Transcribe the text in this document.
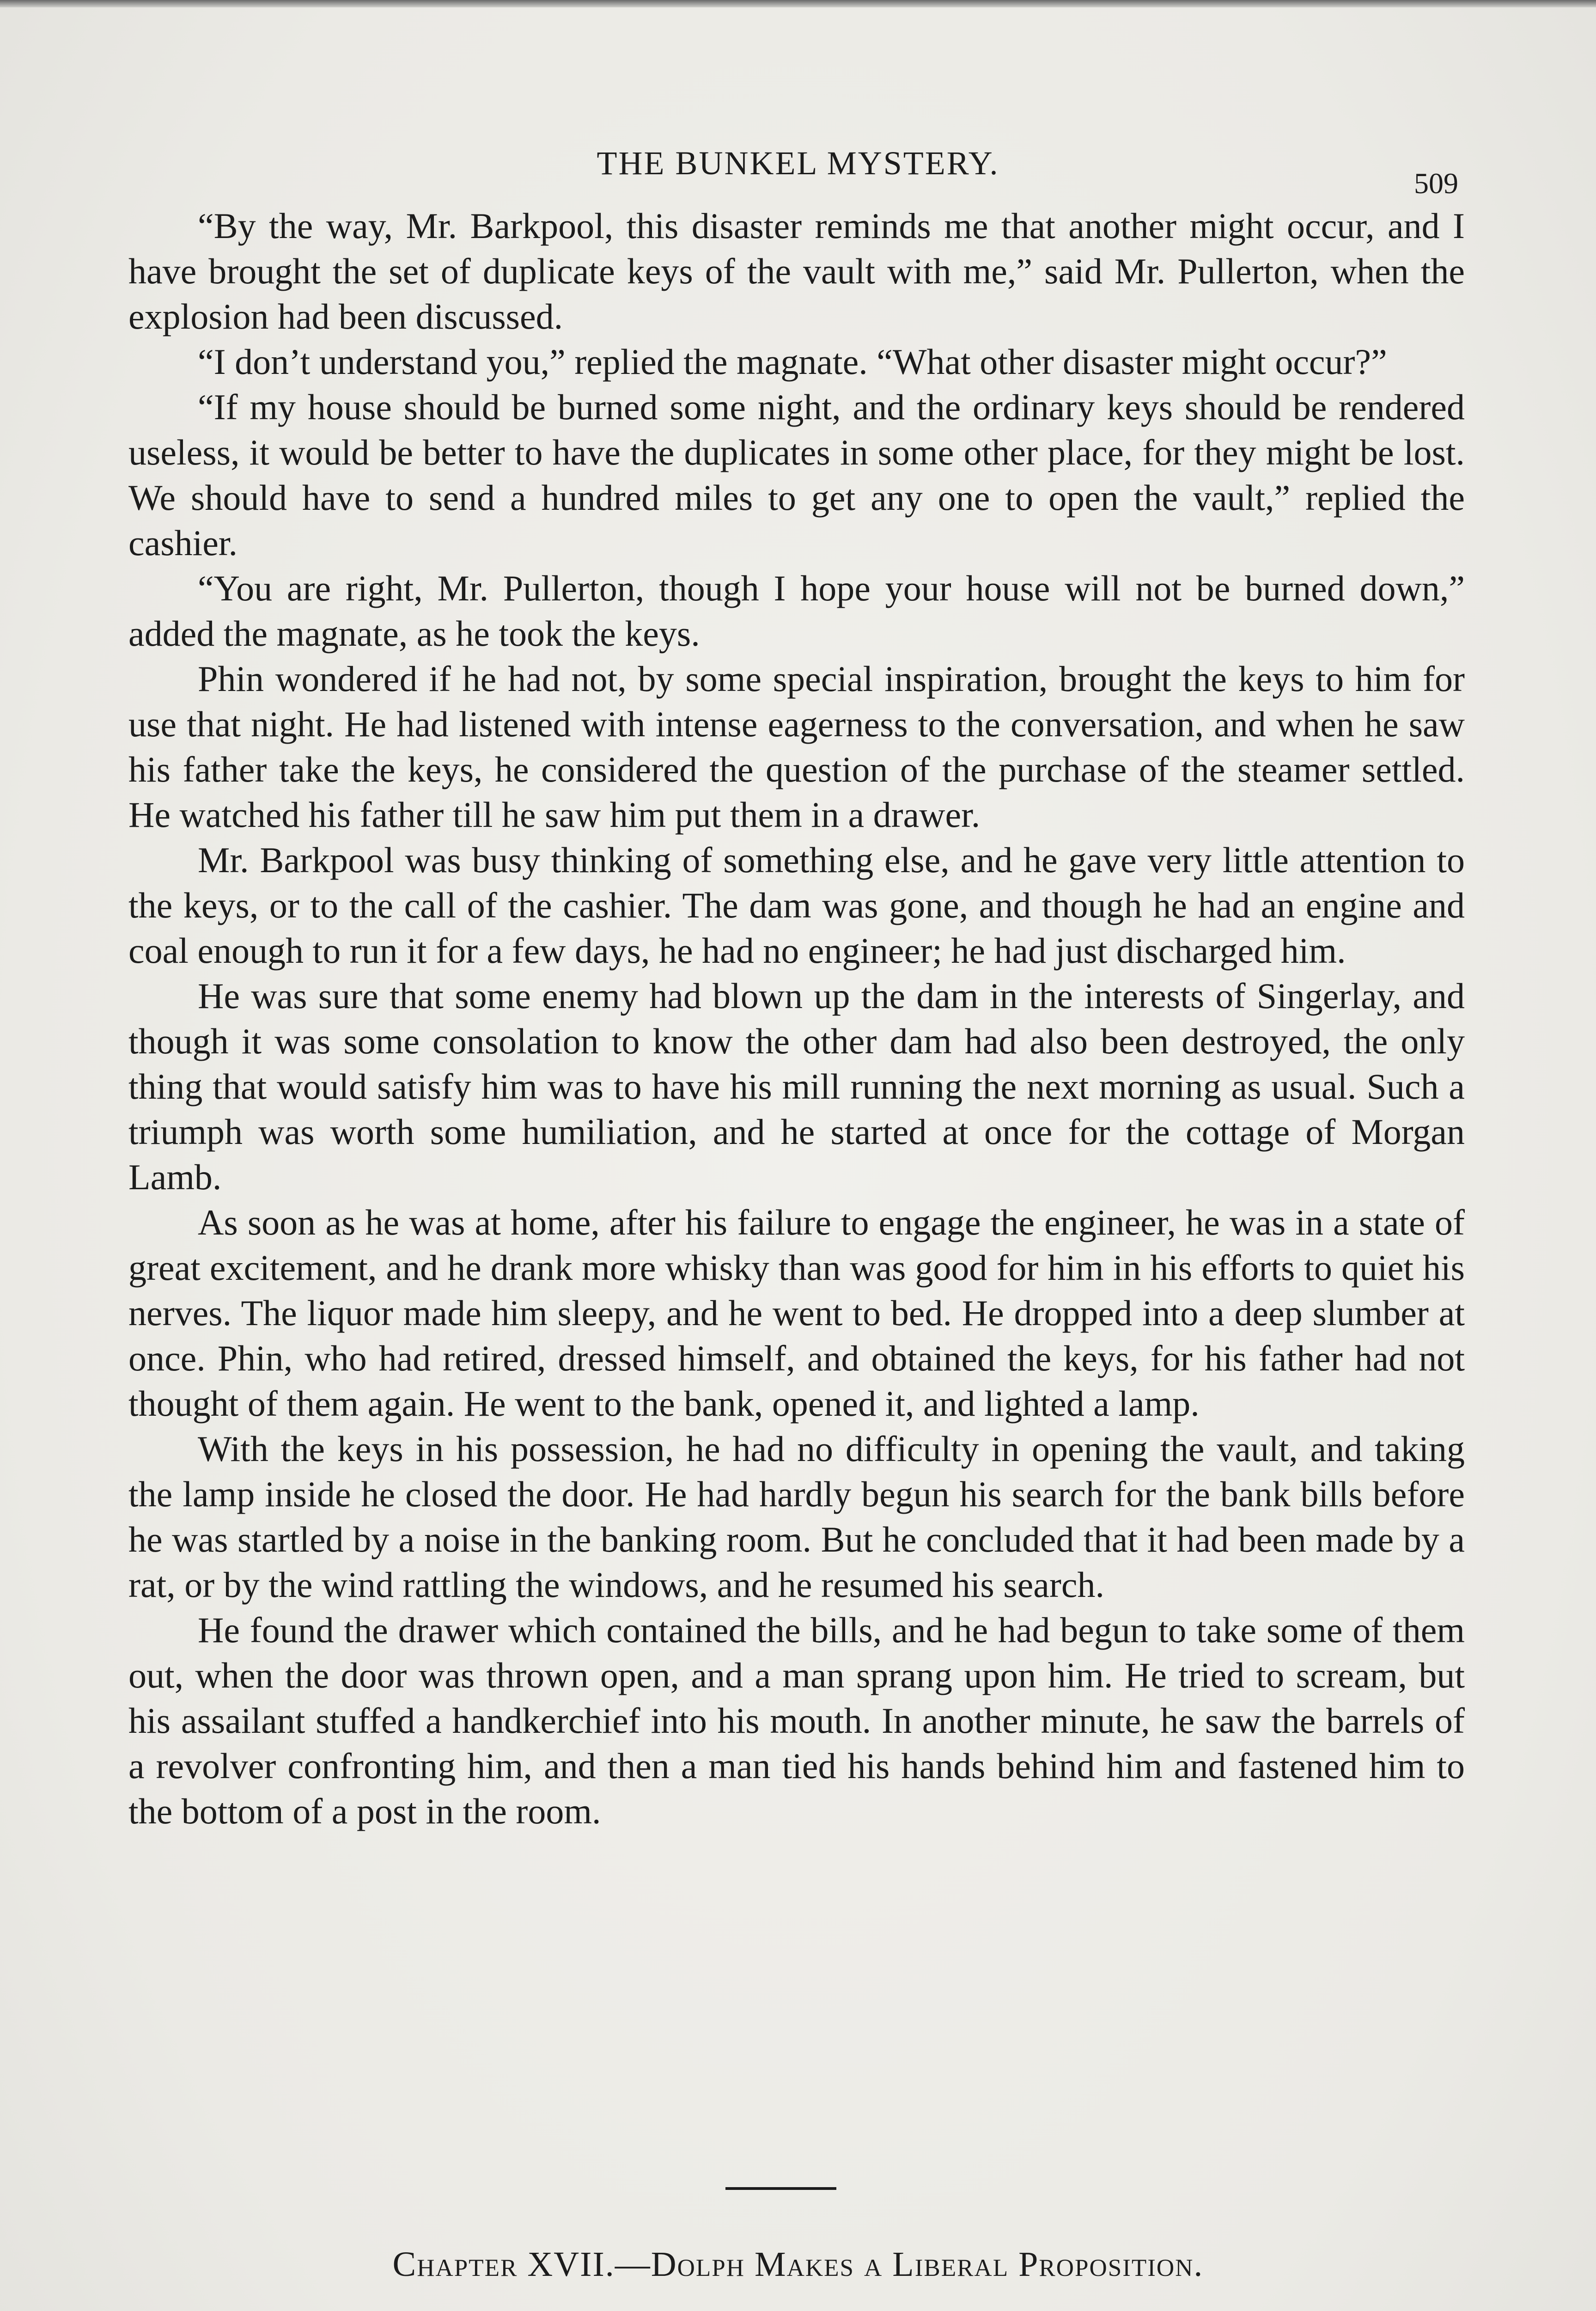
THE BUNKEL MYSTERY.
509

“By the way, Mr. Barkpool, this disaster reminds me that another might occur, and I have brought the set of duplicate keys of the vault with me,” said Mr. Pullerton, when the explosion had been discussed.

“I don’t understand you,” replied the magnate. “What other disaster might occur?”

“If my house should be burned some night, and the ordinary keys should be rendered useless, it would be better to have the duplicates in some other place, for they might be lost. We should have to send a hundred miles to get any one to open the vault,” replied the cashier.

“You are right, Mr. Pullerton, though I hope your house will not be burned down,” added the magnate, as he took the keys.

Phin wondered if he had not, by some special inspiration, brought the keys to him for use that night. He had listened with intense eagerness to the conversation, and when he saw his father take the keys, he considered the question of the purchase of the steamer settled. He watched his father till he saw him put them in a drawer.

Mr. Barkpool was busy thinking of something else, and he gave very little attention to the keys, or to the call of the cashier. The dam was gone, and though he had an engine and coal enough to run it for a few days, he had no engineer; he had just discharged him.

He was sure that some enemy had blown up the dam in the interests of Singerlay, and though it was some consolation to know the other dam had also been destroyed, the only thing that would satisfy him was to have his mill running the next morning as usual. Such a triumph was worth some humiliation, and he started at once for the cottage of Morgan Lamb.

As soon as he was at home, after his failure to engage the engineer, he was in a state of great excitement, and he drank more whisky than was good for him in his efforts to quiet his nerves. The liquor made him sleepy, and he went to bed. He dropped into a deep slumber at once. Phin, who had retired, dressed himself, and obtained the keys, for his father had not thought of them again. He went to the bank, opened it, and lighted a lamp.

With the keys in his possession, he had no difficulty in opening the vault, and taking the lamp inside he closed the door. He had hardly begun his search for the bank bills before he was startled by a noise in the banking room. But he concluded that it had been made by a rat, or by the wind rattling the windows, and he resumed his search.

He found the drawer which contained the bills, and he had begun to take some of them out, when the door was thrown open, and a man sprang upon him. He tried to scream, but his assailant stuffed a handkerchief into his mouth. In another minute, he saw the barrels of a revolver confronting him, and then a man tied his hands behind him and fastened him to the bottom of a post in the room.

Chapter XVII.—Dolph Makes a Liberal Proposition.
